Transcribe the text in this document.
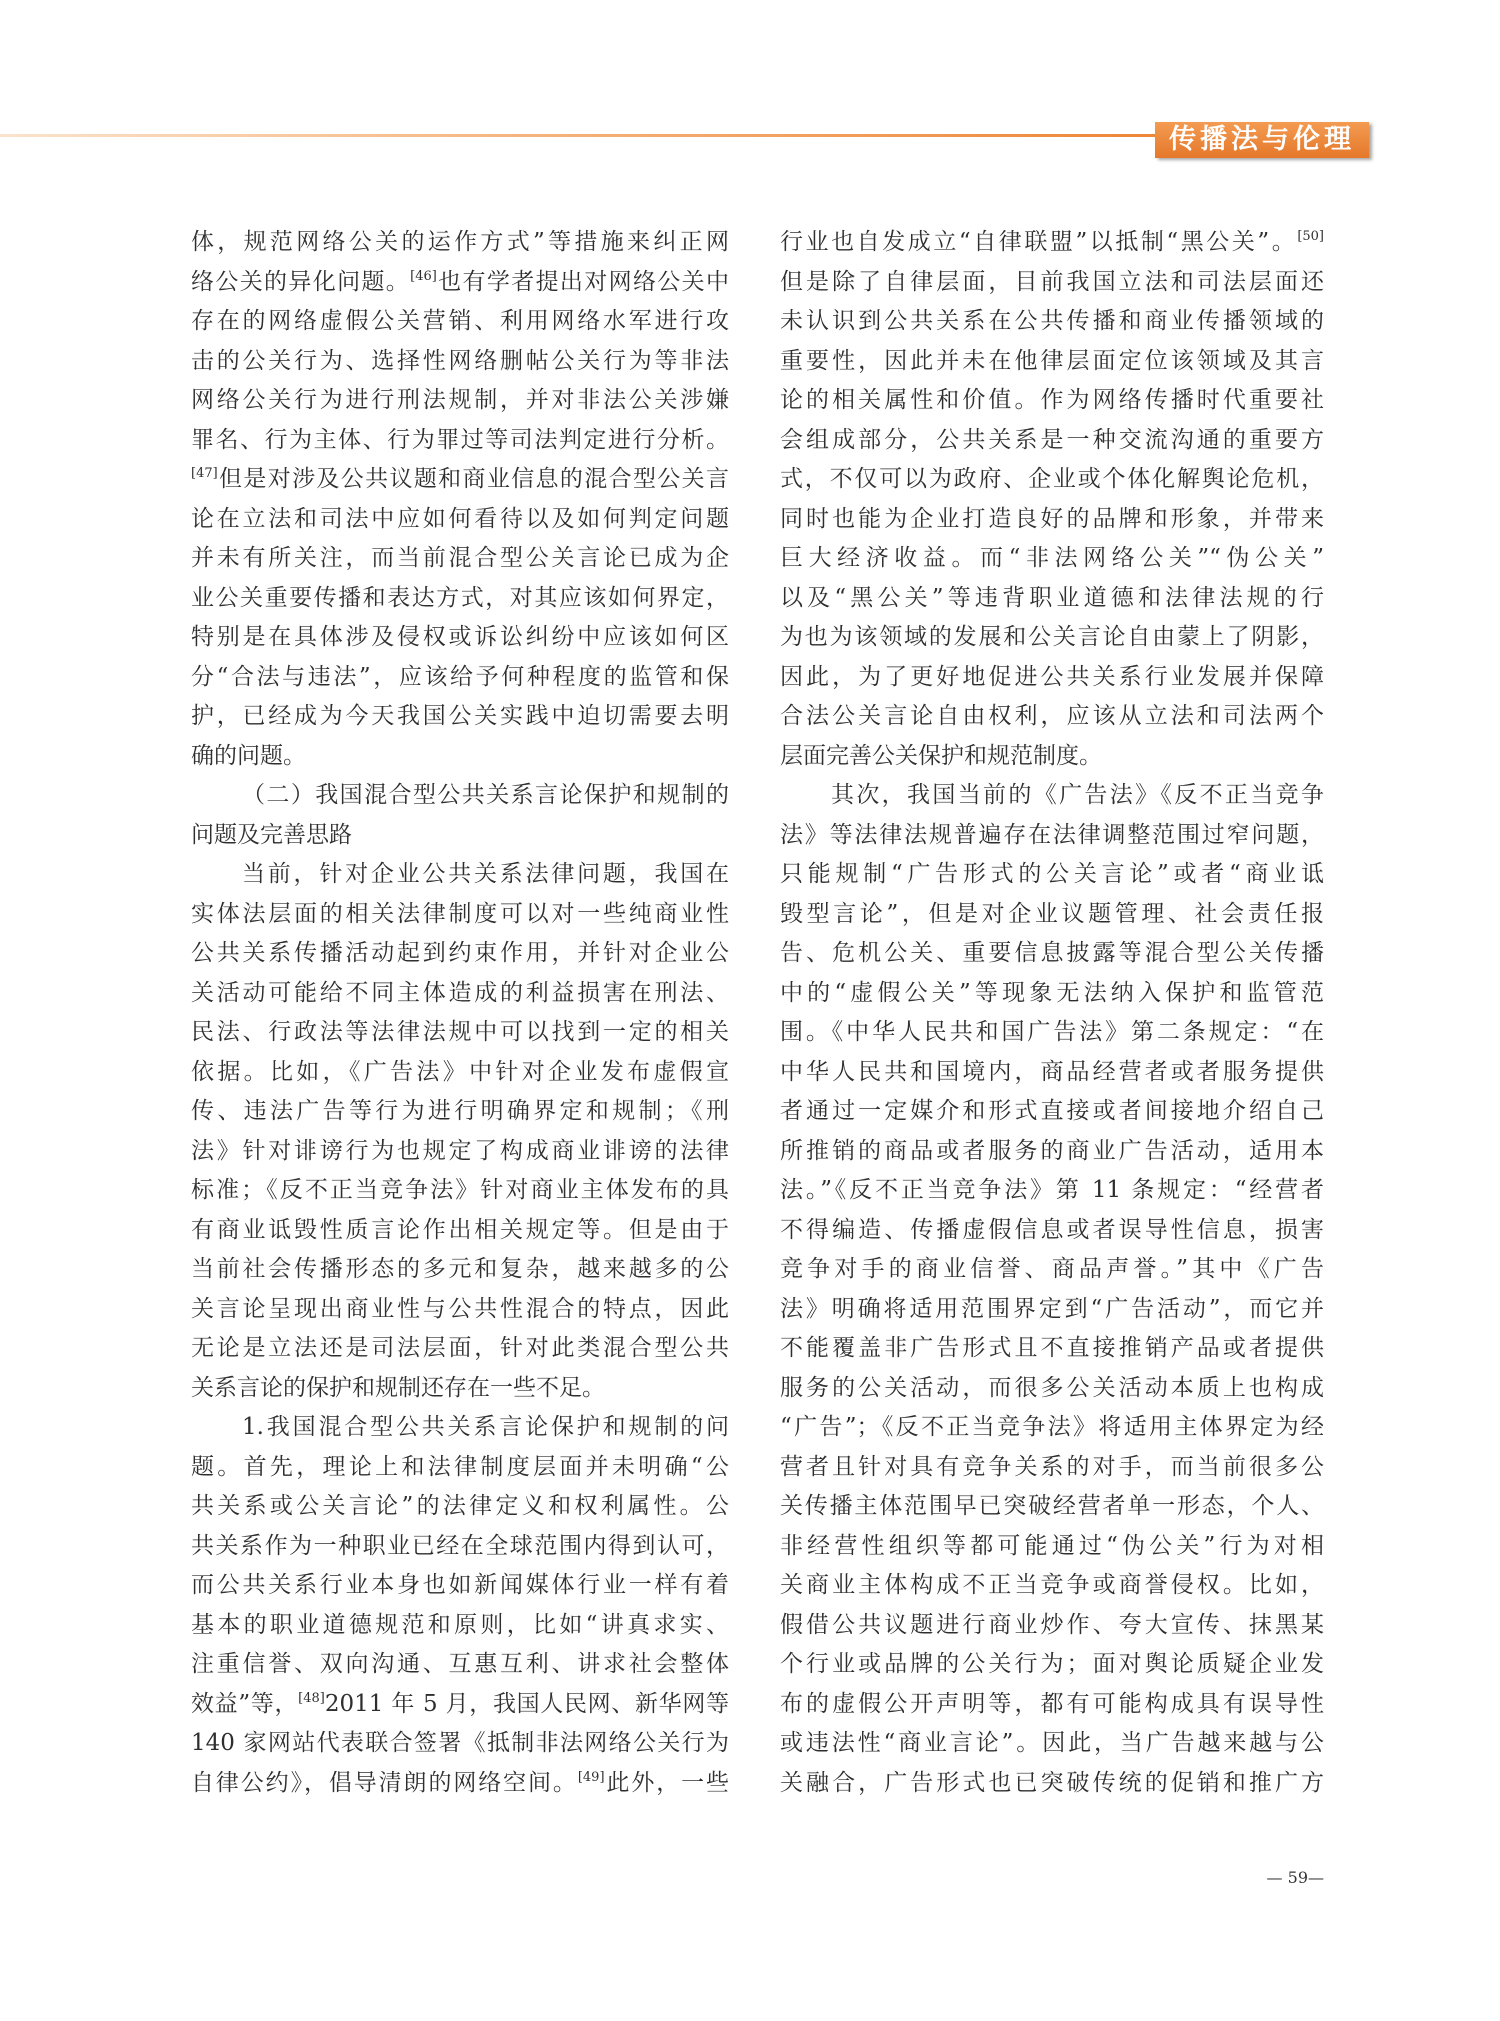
传播法与伦理
体，规范网络公关的运作方式”等措施来纠正网
络公关的异化问题。[46]也有学者提出对网络公关中
存在的网络虚假公关营销、利用网络水军进行攻
击的公关行为、选择性网络删帖公关行为等非法
网络公关行为进行刑法规制，并对非法公关涉嫌
罪名、行为主体、行为罪过等司法判定进行分析。
[47]但是对涉及公共议题和商业信息的混合型公关言
论在立法和司法中应如何看待以及如何判定问题
并未有所关注，而当前混合型公关言论已成为企
业公关重要传播和表达方式，对其应该如何界定，
特别是在具体涉及侵权或诉讼纠纷中应该如何区
分“合法与违法”，应该给予何种程度的监管和保
护，已经成为今天我国公关实践中迫切需要去明
确的问题。
（二）我国混合型公共关系言论保护和规制的
问题及完善思路
当前，针对企业公共关系法律问题，我国在
实体法层面的相关法律制度可以对一些纯商业性
公共关系传播活动起到约束作用，并针对企业公
关活动可能给不同主体造成的利益损害在刑法、
民法、行政法等法律法规中可以找到一定的相关
依据。比如，《广告法》中针对企业发布虚假宣
传、违法广告等行为进行明确界定和规制；《刑
法》针对诽谤行为也规定了构成商业诽谤的法律
标准；《反不正当竞争法》针对商业主体发布的具
有商业诋毁性质言论作出相关规定等。但是由于
当前社会传播形态的多元和复杂，越来越多的公
关言论呈现出商业性与公共性混合的特点，因此
无论是立法还是司法层面，针对此类混合型公共
关系言论的保护和规制还存在一些不足。
1.我国混合型公共关系言论保护和规制的问
题。首先，理论上和法律制度层面并未明确“公
共关系或公关言论”的法律定义和权利属性。公
共关系作为一种职业已经在全球范围内得到认可，
而公共关系行业本身也如新闻媒体行业一样有着
基本的职业道德规范和原则，比如“讲真求实、
注重信誉、双向沟通、互惠互利、讲求社会整体
效益”等，[48]2011 年 5 月，我国人民网、新华网等
140 家网站代表联合签署《抵制非法网络公关行为
自律公约》，倡导清朗的网络空间。[49]此外，一些
行业也自发成立“自律联盟”以抵制“黑公关”。[50]
但是除了自律层面，目前我国立法和司法层面还
未认识到公共关系在公共传播和商业传播领域的
重要性，因此并未在他律层面定位该领域及其言
论的相关属性和价值。作为网络传播时代重要社
会组成部分，公共关系是一种交流沟通的重要方
式，不仅可以为政府、企业或个体化解舆论危机，
同时也能为企业打造良好的品牌和形象，并带来
巨大经济收益。而“非法网络公关”“伪公关”
以及“黑公关”等违背职业道德和法律法规的行
为也为该领域的发展和公关言论自由蒙上了阴影，
因此，为了更好地促进公共关系行业发展并保障
合法公关言论自由权利，应该从立法和司法两个
层面完善公关保护和规范制度。
其次，我国当前的《广告法》《反不正当竞争
法》等法律法规普遍存在法律调整范围过窄问题，
只能规制“广告形式的公关言论”或者“商业诋
毁型言论”，但是对企业议题管理、社会责任报
告、危机公关、重要信息披露等混合型公关传播
中的“虚假公关”等现象无法纳入保护和监管范
围。《中华人民共和国广告法》第二条规定：“在
中华人民共和国境内，商品经营者或者服务提供
者通过一定媒介和形式直接或者间接地介绍自己
所推销的商品或者服务的商业广告活动，适用本
法。”《反不正当竞争法》第 11 条规定：“经营者
不得编造、传播虚假信息或者误导性信息，损害
竞争对手的商业信誉、商品声誉。”其中《广告
法》明确将适用范围界定到“广告活动”，而它并
不能覆盖非广告形式且不直接推销产品或者提供
服务的公关活动，而很多公关活动本质上也构成
“广告”；《反不正当竞争法》将适用主体界定为经
营者且针对具有竞争关系的对手，而当前很多公
关传播主体范围早已突破经营者单一形态，个人、
非经营性组织等都可能通过“伪公关”行为对相
关商业主体构成不正当竞争或商誉侵权。比如，
假借公共议题进行商业炒作、夸大宣传、抹黑某
个行业或品牌的公关行为；面对舆论质疑企业发
布的虚假公开声明等，都有可能构成具有误导性
或违法性“商业言论”。因此，当广告越来越与公
关融合，广告形式也已突破传统的促销和推广方
— 59—
